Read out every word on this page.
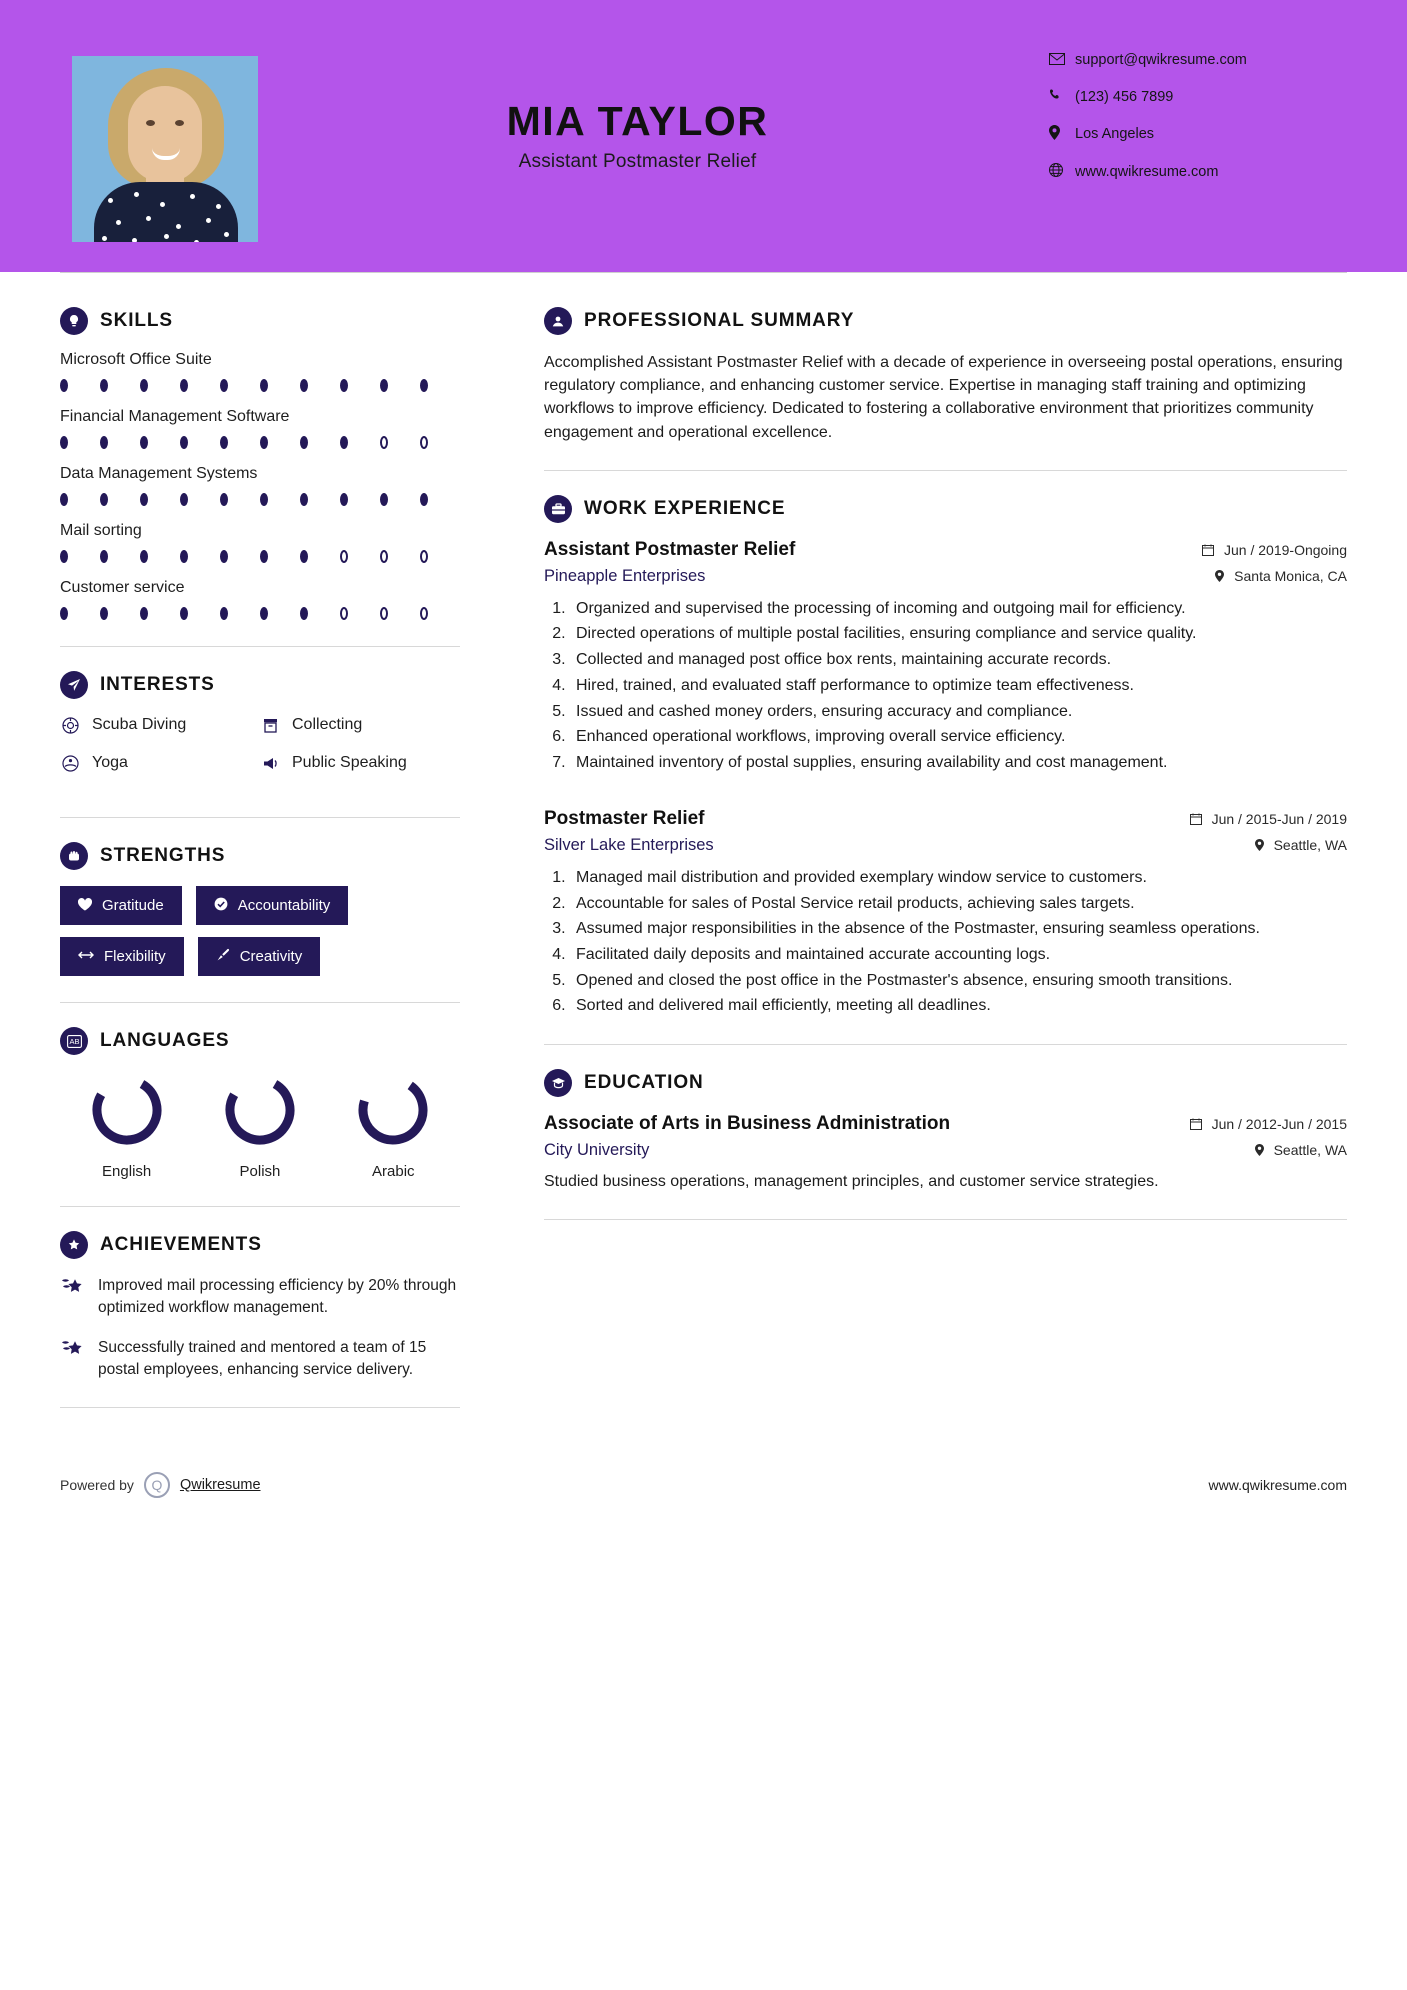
MIA TAYLOR
Assistant Postmaster Relief
support@qwikresume.com
(123) 456 7899
Los Angeles
www.qwikresume.com
SKILLS
Microsoft Office Suite
Financial Management Software
Data Management Systems
Mail sorting
Customer service
INTERESTS
Scuba Diving	Collecting
Yoga	Public Speaking
STRENGTHS
Gratitude	Accountability
Flexibility	Creativity
AB LANGUAGES
English	Polish	Arabic
ACHIEVEMENTS
Improved mail processing efficiency by 20% through optimized workflow management.
Successfully trained and mentored a team of 15 postal employees, enhancing service delivery.
PROFESSIONAL SUMMARY
Accomplished Assistant Postmaster Relief with a decade of experience in overseeing postal operations, ensuring regulatory compliance, and enhancing customer service. Expertise in managing staff training and optimizing workflows to improve efficiency. Dedicated to fostering a collaborative environment that prioritizes community engagement and operational excellence.
WORK EXPERIENCE
Assistant Postmaster Relief	Jun / 2019-Ongoing
Pineapple Enterprises	Santa Monica, CA
1. Organized and supervised the processing of incoming and outgoing mail for efficiency.
2. Directed operations of multiple postal facilities, ensuring compliance and service quality.
3. Collected and managed post office box rents, maintaining accurate records.
4. Hired, trained, and evaluated staff performance to optimize team effectiveness.
5. Issued and cashed money orders, ensuring accuracy and compliance.
6. Enhanced operational workflows, improving overall service efficiency.
7. Maintained inventory of postal supplies, ensuring availability and cost management.
Postmaster Relief	Jun / 2015-Jun / 2019
Silver Lake Enterprises	Seattle, WA
1. Managed mail distribution and provided exemplary window service to customers.
2. Accountable for sales of Postal Service retail products, achieving sales targets.
3. Assumed major responsibilities in the absence of the Postmaster, ensuring seamless operations.
4. Facilitated daily deposits and maintained accurate accounting logs.
5. Opened and closed the post office in the Postmaster's absence, ensuring smooth transitions.
6. Sorted and delivered mail efficiently, meeting all deadlines.
EDUCATION
Associate of Arts in Business Administration	Jun / 2012-Jun / 2015
City University	Seattle, WA
Studied business operations, management principles, and customer service strategies.
Powered by	Q	Qwikresume	www.qwikresume.com
